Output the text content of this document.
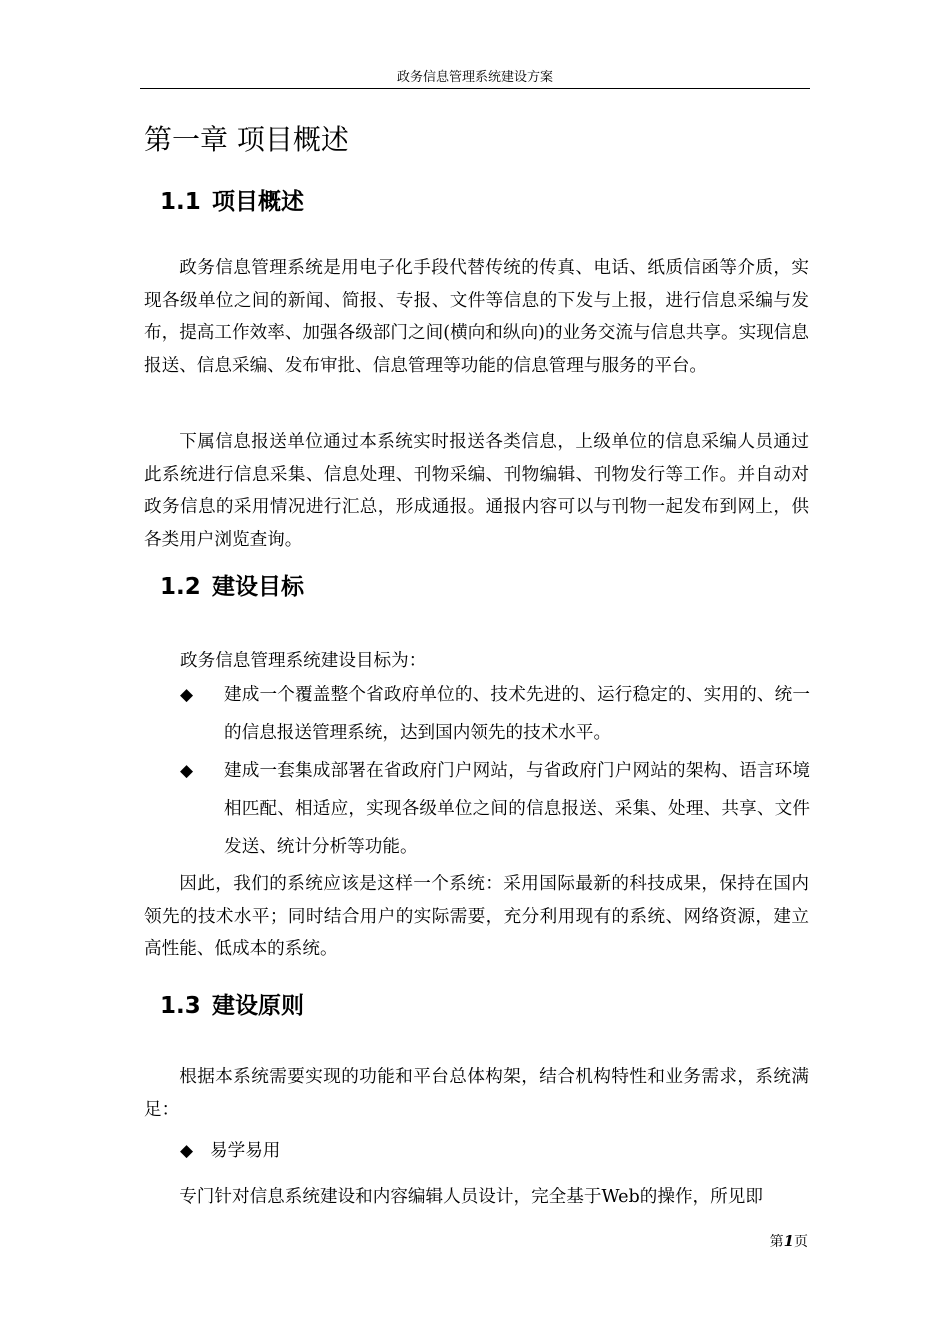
政务信息管理系统建设方案
第一章 项目概述
1.1 项目概述

政务信息管理系统是用电子化手段代替传统的传真、电话、纸质信函等介质，实现各级单位之间的新闻、简报、专报、文件等信息的下发与上报，进行信息采编与发布，提高工作效率、加强各级部门之间(横向和纵向)的业务交流与信息共享。实现信息报送、信息采编、发布审批、信息管理等功能的信息管理与服务的平台。

下属信息报送单位通过本系统实时报送各类信息，上级单位的信息采编人员通过此系统进行信息采集、信息处理、刊物采编、刊物编辑、刊物发行等工作。并自动对政务信息的采用情况进行汇总，形成通报。通报内容可以与刊物一起发布到网上，供各类用户浏览查询。

1.2 建设目标

政务信息管理系统建设目标为：

◆ 建成一个覆盖整个省政府单位的、技术先进的、运行稳定的、实用的、统一的信息报送管理系统，达到国内领先的技术水平。
◆ 建成一套集成部署在省政府门户网站，与省政府门户网站的架构、语言环境相匹配、相适应，实现各级单位之间的信息报送、采集、处理、共享、文件发送、统计分析等功能。

因此，我们的系统应该是这样一个系统：采用国际最新的科技成果，保持在国内领先的技术水平；同时结合用户的实际需要，充分利用现有的系统、网络资源，建立高性能、低成本的系统。

1.3 建设原则

根据本系统需要实现的功能和平台总体构架，结合机构特性和业务需求，系统满足：

◆ 易学易用

专门针对信息系统建设和内容编辑人员设计，完全基于Web的操作，所见即

第1页
